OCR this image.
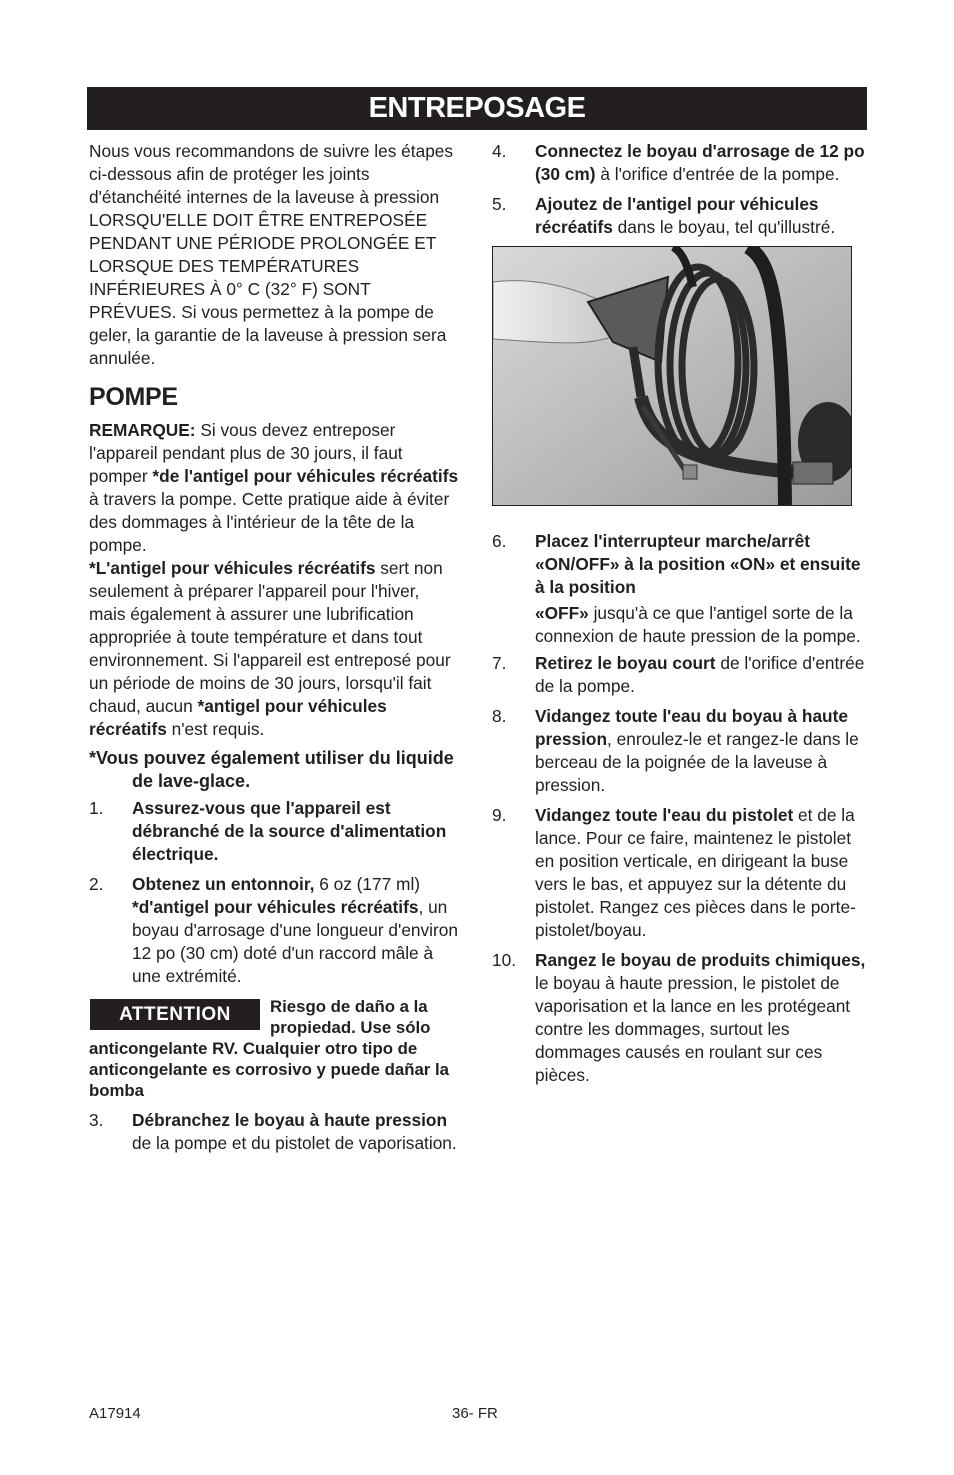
ENTREPOSAGE

Nous vous recommandons de suivre les étapes ci-dessous afin de protéger les joints d'étanchéité internes de la laveuse à pression LORSQU'ELLE DOIT ÊTRE ENTREPOSÉE PENDANT UNE PÉRIODE PROLONGÉE ET LORSQUE DES TEMPÉRATURES INFÉRIEURES À 0° C (32° F) SONT PRÉVUES. Si vous permettez à la pompe de geler, la garantie de la laveuse à pression sera annulée.

POMPE

REMARQUE: Si vous devez entreposer l'appareil pendant plus de 30 jours, il faut pomper *de l'antigel pour véhicules récréatifs à travers la pompe. Cette pratique aide à éviter des dommages à l'intérieur de la tête de la pompe.

*L'antigel pour véhicules récréatifs sert non seulement à préparer l'appareil pour l'hiver, mais également à assurer une lubrification appropriée à toute température et dans tout environnement. Si l'appareil est entreposé pour un période de moins de 30 jours, lorsqu'il fait chaud, aucun *antigel pour véhicules récréatifs n'est requis.

*Vous pouvez également utiliser du liquide de lave-glace.

1.	Assurez-vous que l'appareil est débranché de la source d'alimentation électrique.
2.	Obtenez un entonnoir, 6 oz (177 ml) *d'antigel pour véhicules récréatifs, un boyau d'arrosage d'une longueur d'environ 12 po (30 cm) doté d'un raccord mâle à une extrémité.
ATTENTION	Riesgo de daño a la propiedad. Use sólo anticongelante RV. Cualquier otro tipo de anticongelante es corrosivo y puede dañar la bomba
3.	Débranchez le boyau à haute pression de la pompe et du pistolet de vaporisation.
4.	Connectez le boyau d'arrosage de 12 po (30 cm) à l'orifice d'entrée de la pompe.
5.	Ajoutez de l'antigel pour véhicules récréatifs dans le boyau, tel qu'illustré.
6.	Placez l'interrupteur marche/arrêt «ON/OFF» à la position «ON» et ensuite à la position

«OFF» jusqu'à ce que l'antigel sorte de la connexion de haute pression de la pompe.

7.	Retirez le boyau court de l'orifice d'entrée de la pompe.
8.	Vidangez toute l'eau du boyau à haute pression, enroulez-le et rangez-le dans le berceau de la poignée de la laveuse à pression.
9.	Vidangez toute l'eau du pistolet et de la lance. Pour ce faire, maintenez le pistolet en position verticale, en dirigeant la buse vers le bas, et appuyez sur la détente du pistolet. Rangez ces pièces dans le porte-pistolet/boyau.
10.	Rangez le boyau de produits chimiques, le boyau à haute pression, le pistolet de vaporisation et la lance en les protégeant contre les dommages, surtout les dommages causés en roulant sur ces pièces.
A17914	36- FR
